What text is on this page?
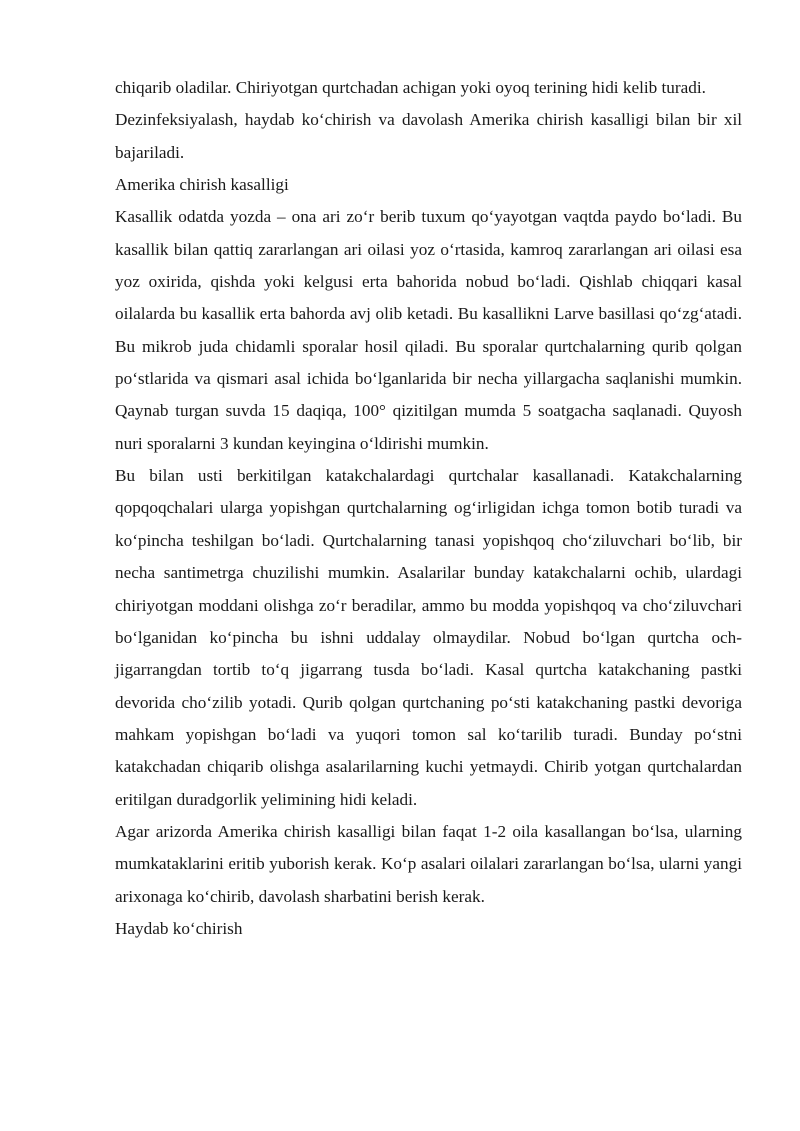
chiqarib oladilar. Chiriyotgan qurtchadan achigan yoki oyoq terining hidi kelib turadi.

Dezinfeksiyalash, haydab ko‘chirish va davolash Amerika chirish kasalligi bilan bir xil bajariladi.

Amerika chirish kasalligi

Kasallik odatda yozda – ona ari zo‘r berib tuxum qo‘yayotgan vaqtda paydo bo‘ladi. Bu kasallik bilan qattiq zararlangan ari oilasi yoz o‘rtasida, kamroq zararlangan ari oilasi esa yoz oxirida, qishda yoki kelgusi erta bahorida nobud bo‘ladi. Qishlab chiqqari kasal oilalarda bu kasallik erta bahorda avj olib ketadi. Bu kasallikni Larve basillasi qo‘zg‘atadi. Bu mikrob juda chidamli sporalar hosil qiladi. Bu sporalar qurtchalarning qurib qolgan po‘stlarida va qismari asal ichida bo‘lganlarida bir necha yillargacha saqlanishi mumkin. Qaynab turgan suvda 15 daqiqa, 100° qizitilgan mumda 5 soatgacha saqlanadi. Quyosh nuri sporalarni 3 kundan keyingina o‘ldirishi mumkin.

Bu bilan usti berkitilgan katakchalardagi qurtchalar kasallanadi. Katakchalarning qopqoqchalari ularga yopishgan qurtchalarning og‘irligidan ichga tomon botib turadi va ko‘pincha teshilgan bo‘ladi. Qurtchalarning tanasi yopishqoq cho‘ziluvchari bo‘lib, bir necha santimetrga chuzilishi mumkin. Asalarilar bunday katakchalarni ochib, ulardagi chiriyotgan moddani olishga zo‘r beradilar, ammo bu modda yopishqoq va cho‘ziluvchari bo‘lganidan ko‘pincha bu ishni uddalay olmaydilar. Nobud bo‘lgan qurtcha och-jigarrangdan tortib to‘q jigarrang tusda bo‘ladi. Kasal qurtcha katakchaning pastki devorida cho‘zilib yotadi. Qurib qolgan qurtchaning po‘sti katakchaning pastki devoriga mahkam yopishgan bo‘ladi va yuqori tomon sal ko‘tarilib turadi. Bunday po‘stni katakchadan chiqarib olishga asalarilarning kuchi yetmaydi. Chirib yotgan qurtchalardan eritilgan duradgorlik yelimining hidi keladi.

Agar arizorda Amerika chirish kasalligi bilan faqat 1-2 oila kasallangan bo‘lsa, ularning mumkataklarini eritib yuborish kerak. Ko‘p asalari oilalari zararlangan bo‘lsa, ularni yangi arixonaga ko‘chirib, davolash sharbatini berish kerak.

Haydab ko‘chirish
